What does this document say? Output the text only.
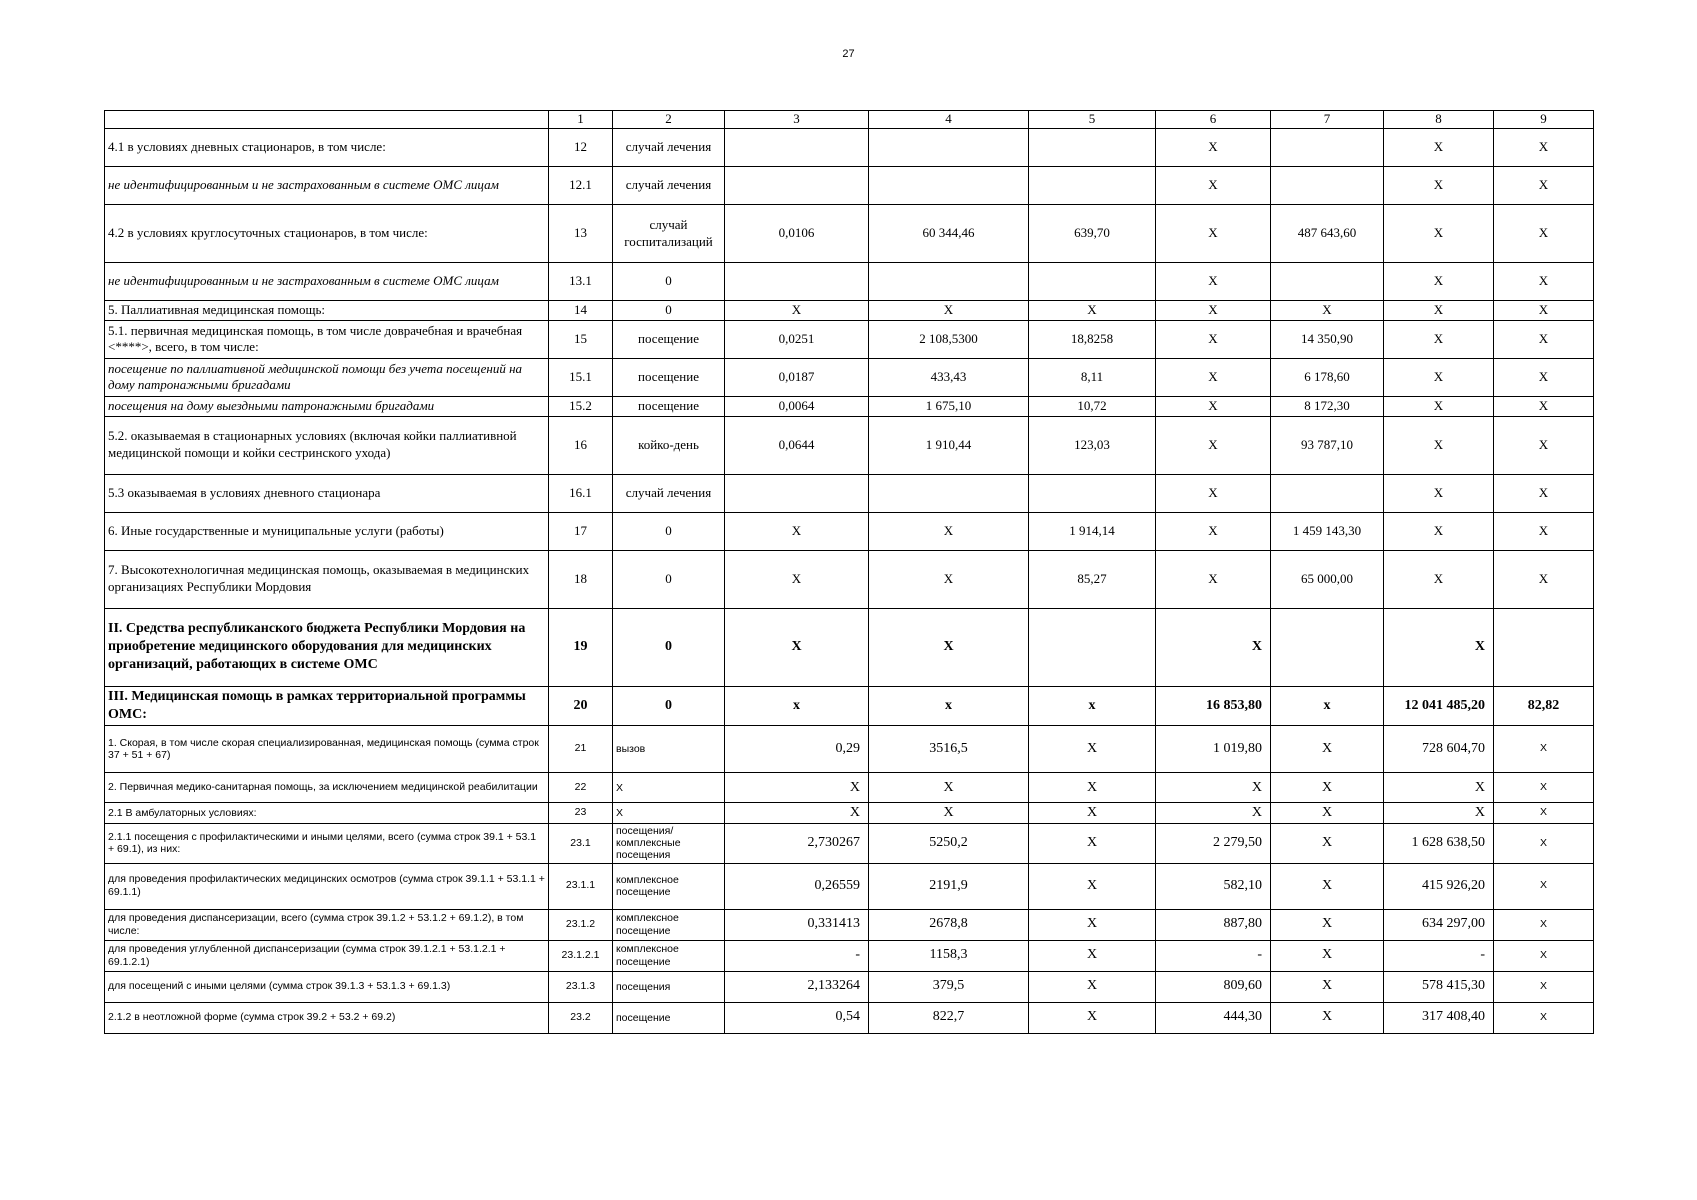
27
	1	2	3	4	5	6	7	8	9
4.1 в условиях дневных стационаров, в том числе:	12	случай лечения				X		X	X
не идентифицированным и не застрахованным в системе ОМС лицам	12.1	случай лечения				X		X	X
4.2 в условиях круглосуточных стационаров, в том числе:	13	случай госпитализаций	0,0106	60 344,46	639,70	X	487 643,60	X	X
не идентифицированным и не застрахованным в системе ОМС лицам	13.1	0				X		X	X
5. Паллиативная медицинская помощь:	14	0	X	X	X	X	X	X	X
5.1. первичная медицинская помощь, в том числе доврачебная и врачебная <****>, всего, в том числе:	15	посещение	0,0251	2 108,5300	18,8258	X	14 350,90	X	X
посещение по паллиативной медицинской помощи без учета посещений на дому патронажными бригадами	15.1	посещение	0,0187	433,43	8,11	X	6 178,60	X	X
посещения на дому выездными патронажными бригадами	15.2	посещение	0,0064	1 675,10	10,72	X	8 172,30	X	X
5.2. оказываемая в стационарных условиях (включая койки паллиативной медицинской помощи и койки сестринского ухода)	16	койко-день	0,0644	1 910,44	123,03	X	93 787,10	X	X
5.3 оказываемая в условиях дневного стационара	16.1	случай лечения				X		X	X
6. Иные государственные и муниципальные услуги (работы)	17	0	X	X	1 914,14	X	1 459 143,30	X	X
7. Высокотехнологичная медицинская помощь, оказываемая в медицинских организациях Республики Мордовия	18	0	X	X	85,27	X	65 000,00	X	X
II. Средства республиканского бюджета Республики Мордовия на приобретение медицинского оборудования для медицинских организаций, работающих в системе ОМС	19	0	X	X		X		X	
III. Медицинская помощь в рамках территориальной программы ОМС:	20	0	x	x	x	16 853,80	x	12 041 485,20	82,82
1. Скорая, в том числе скорая специализированная, медицинская помощь (сумма строк 37 + 51 + 67)	21	вызов	0,29	3516,5	X	1 019,80	X	728 604,70	X
2. Первичная медико-санитарная помощь, за исключением медицинской реабилитации	22	X	X	X	X	X	X	X	X
2.1 В амбулаторных условиях:	23	X	X	X	X	X	X	X	X
2.1.1 посещения с профилактическими и иными целями, всего (сумма строк 39.1 + 53.1 + 69.1), из них:	23.1	посещения/комплексные посещения	2,730267	5250,2	X	2 279,50	X	1 628 638,50	X
для проведения профилактических медицинских осмотров (сумма строк 39.1.1 + 53.1.1 + 69.1.1)	23.1.1	комплексное посещение	0,26559	2191,9	X	582,10	X	415 926,20	X
для проведения диспансеризации, всего (сумма строк 39.1.2 + 53.1.2 + 69.1.2), в том числе:	23.1.2	комплексное посещение	0,331413	2678,8	X	887,80	X	634 297,00	X
для проведения углубленной диспансеризации (сумма строк 39.1.2.1 + 53.1.2.1 + 69.1.2.1)	23.1.2.1	комплексное посещение	-	1158,3	X	-	X	-	X
для посещений с иными целями (сумма строк 39.1.3 + 53.1.3 + 69.1.3)	23.1.3	посещения	2,133264	379,5	X	809,60	X	578 415,30	X
2.1.2 в неотложной форме (сумма строк 39.2 + 53.2 + 69.2)	23.2	посещение	0,54	822,7	X	444,30	X	317 408,40	X
